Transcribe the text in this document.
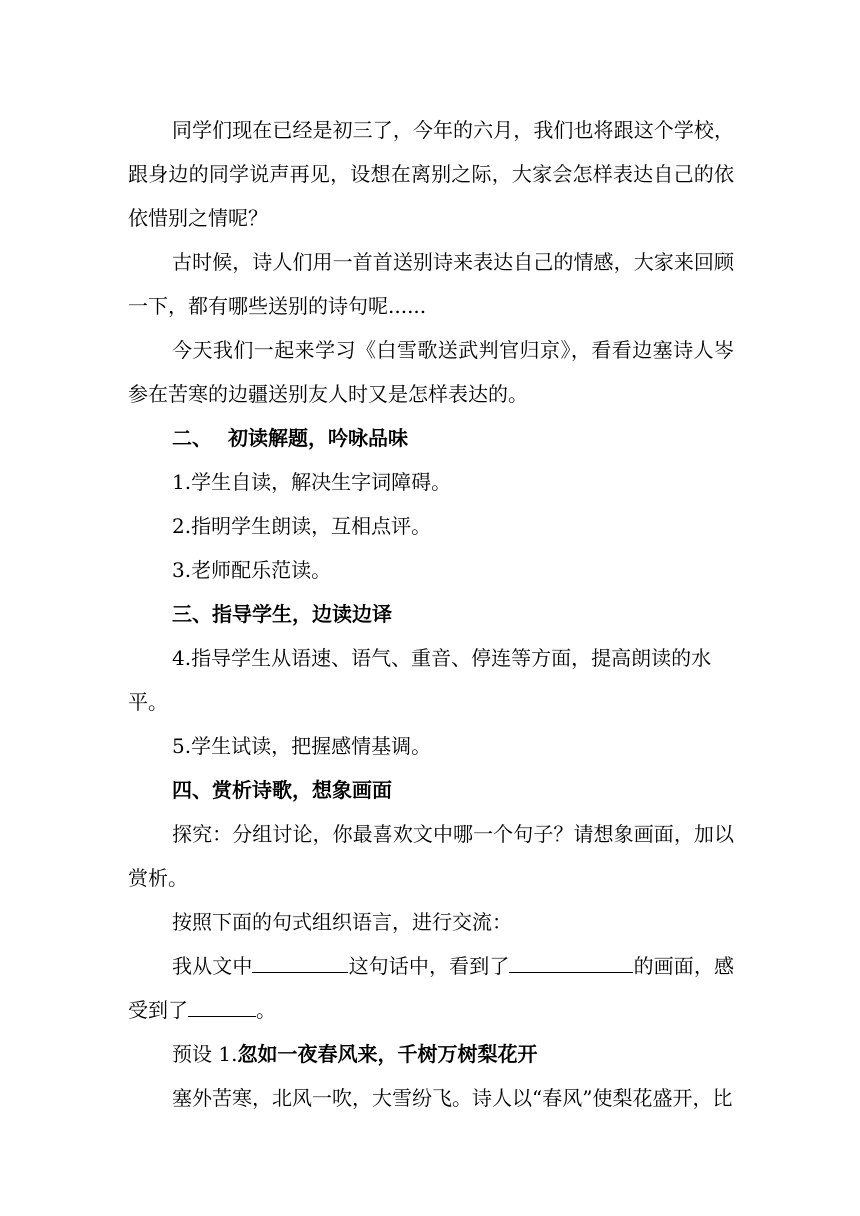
同学们现在已经是初三了，今年的六月，我们也将跟这个学校，跟身边的同学说声再见，设想在离别之际，大家会怎样表达自己的依依惜别之情呢？

古时候，诗人们用一首首送别诗来表达自己的情感，大家来回顾一下，都有哪些送别的诗句呢......

今天我们一起来学习《白雪歌送武判官归京》，看看边塞诗人岑参在苦寒的边疆送别友人时又是怎样表达的。

二、 初读解题，吟咏品味

1.学生自读，解决生字词障碍。

2.指明学生朗读，互相点评。

3.老师配乐范读。

三、指导学生，边读边译

4.指导学生从语速、语气、重音、停连等方面，提高朗读的水平。

5.学生试读，把握感情基调。

四、赏析诗歌，想象画面

探究：分组讨论，你最喜欢文中哪一个句子？请想象画面，加以赏析。

按照下面的句式组织语言，进行交流：

我从文中	这句话中，看到了	的画面，感受到了	。

预设 1.忽如一夜春风来，千树万树梨花开

塞外苦寒，北风一吹，大雪纷飞。诗人以“春风”使梨花盛开，比
